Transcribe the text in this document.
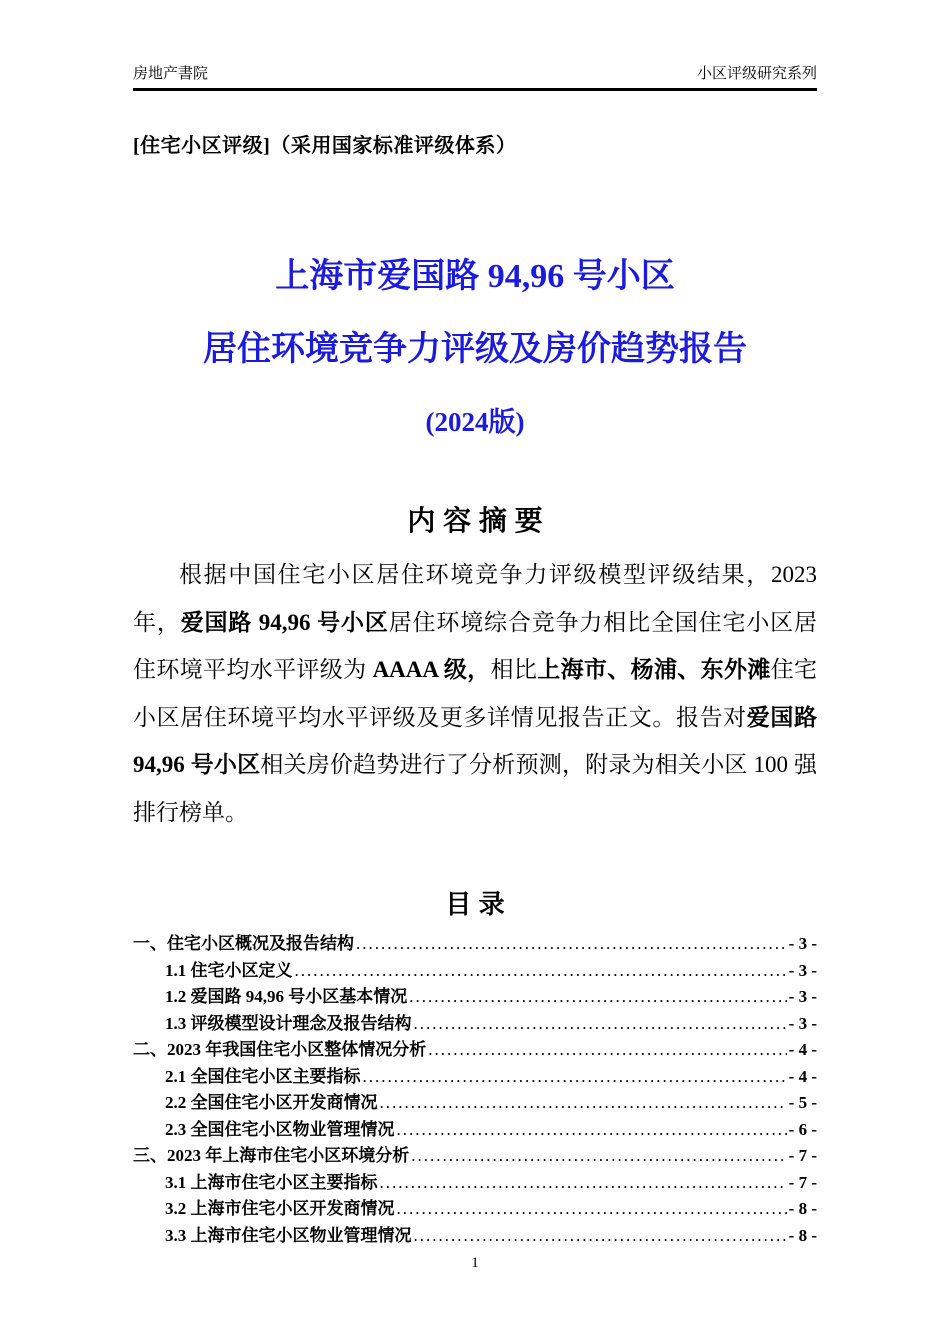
房地产書院	小区评级研究系列
[住宅小区评级]（采用国家标准评级体系）
上海市爱国路 94,96 号小区
居住环境竞争力评级及房价趋势报告
(2024版)
内 容 摘 要
根据中国住宅小区居住环境竞争力评级模型评级结果，2023 年，爱国路 94,96 号小区居住环境综合竞争力相比全国住宅小区居住环境平均水平评级为 AAAA 级，相比上海市、杨浦、东外滩住宅小区居住环境平均水平评级及更多详情见报告正文。报告对爱国路 94,96 号小区相关房价趋势进行了分析预测，附录为相关小区 100 强排行榜单。
目 录
一、住宅小区概况及报告结构 .....	- 3 -
1.1 住宅小区定义 .....	- 3 -
1.2 爱国路 94,96 号小区基本情况 .....	- 3 -
1.3 评级模型设计理念及报告结构 .....	- 3 -
二、2023 年我国住宅小区整体情况分析 .....	- 4 -
2.1 全国住宅小区主要指标 .....	- 4 -
2.2 全国住宅小区开发商情况 .....	- 5 -
2.3 全国住宅小区物业管理情况 .....	- 6 -
三、2023 年上海市住宅小区环境分析 .....	- 7 -
3.1 上海市住宅小区主要指标 .....	- 7 -
3.2 上海市住宅小区开发商情况 .....	- 8 -
3.3 上海市住宅小区物业管理情况 .....	- 8 -
1
